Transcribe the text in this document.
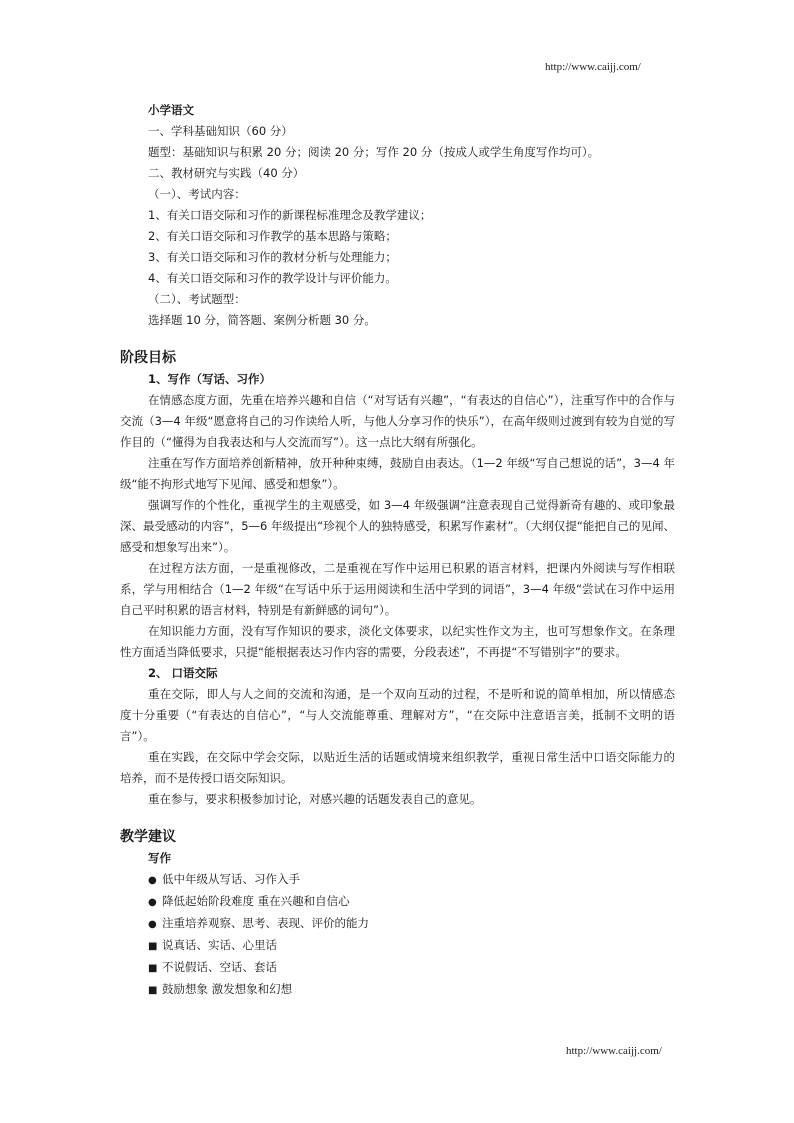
http://www.caijj.com/
小学语文
一、学科基础知识（60 分）
题型：基础知识与积累 20 分；阅读 20 分；写作 20 分（按成人或学生角度写作均可）。
二、教材研究与实践（40 分）
（一）、考试内容：
1、有关口语交际和习作的新课程标准理念及教学建议；
2、有关口语交际和习作教学的基本思路与策略；
3、有关口语交际和习作的教材分析与处理能力；
4、有关口语交际和习作的教学设计与评价能力。
（二）、考试题型：
选择题 10 分，简答题、案例分析题 30 分。
阶段目标
1、写作（写话、习作）

在情感态度方面，先重在培养兴趣和自信（“对写话有兴趣”，“有表达的自信心”），注重写作中的合作与交流（3—4 年级“愿意将自己的习作读给人听，与他人分享习作的快乐”），在高年级则过渡到有较为自觉的写作目的（“懂得为自我表达和与人交流而写”）。这一点比大纲有所强化。

注重在写作方面培养创新精神，放开种种束缚，鼓励自由表达。（1—2 年级“写自己想说的话”，3—4 年级“能不拘形式地写下见闻、感受和想象”）。

强调写作的个性化，重视学生的主观感受，如 3—4 年级强调“注意表现自己觉得新奇有趣的、或印象最深、最受感动的内容”，5—6 年级提出“珍视个人的独特感受，积累写作素材”。（大纲仅提“能把自己的见闻、感受和想象写出来”）。

在过程方法方面，一是重视修改，二是重视在写作中运用已积累的语言材料，把课内外阅读与写作相联系，学与用相结合（1—2 年级“在写话中乐于运用阅读和生活中学到的词语”，3—4 年级“尝试在习作中运用自己平时积累的语言材料，特别是有新鲜感的词句”）。

在知识能力方面，没有写作知识的要求，淡化文体要求，以纪实性作文为主，也可写想象作文。在条理性方面适当降低要求，只提“能根据表达习作内容的需要，分段表述”，不再提“不写错别字”的要求。

2、 口语交际

重在交际，即人与人之间的交流和沟通，是一个双向互动的过程，不是听和说的简单相加，所以情感态度十分重要（“有表达的自信心”，“与人交流能尊重、理解对方”，“在交际中注意语言美，抵制不文明的语言”）。

重在实践，在交际中学会交际，以贴近生活的话题或情境来组织教学，重视日常生活中口语交际能力的培养，而不是传授口语交际知识。

重在参与，要求积极参加讨论，对感兴趣的话题发表自己的意见。

教学建议
写作
● 低中年级从写话、习作入手
● 降低起始阶段难度 重在兴趣和自信心
● 注重培养观察、思考、表现、评价的能力
■ 说真话、实话、心里话
■ 不说假话、空话、套话
■ 鼓励想象 激发想象和幻想
http://www.caijj.com/
